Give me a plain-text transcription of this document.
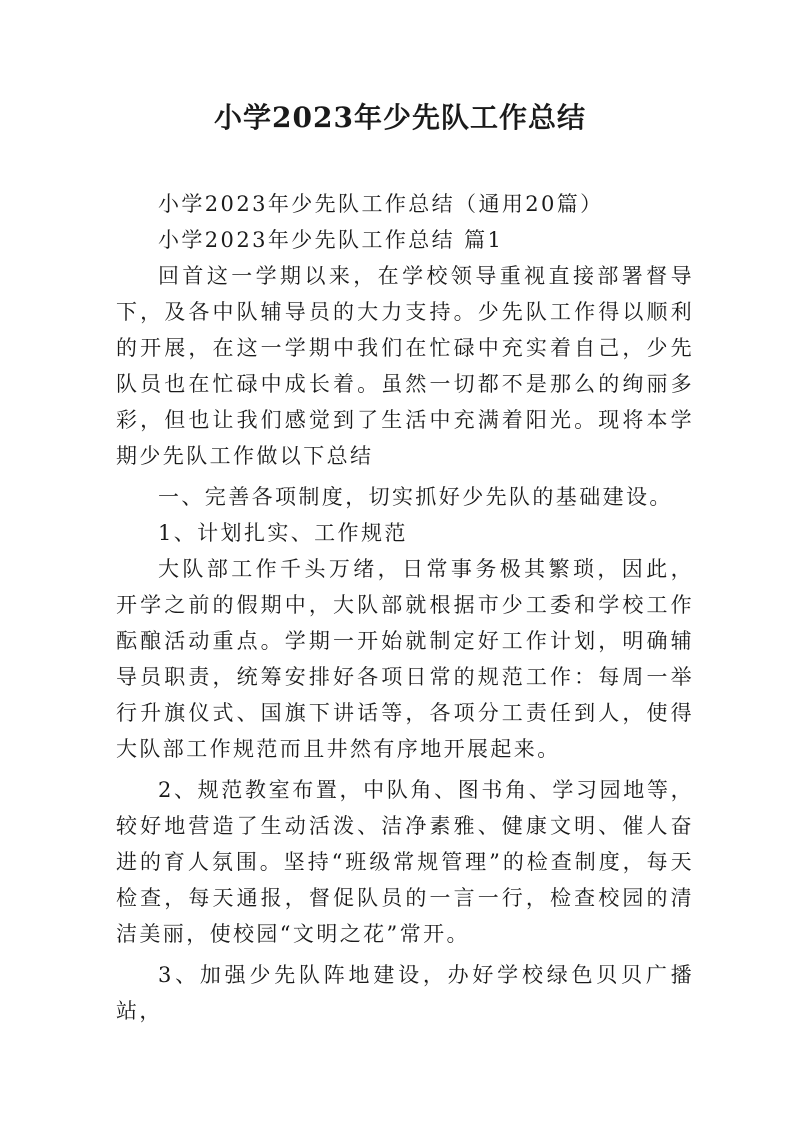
小学2023年少先队工作总结

小学2023年少先队工作总结（通用20篇）

小学2023年少先队工作总结 篇1

回首这一学期以来，在学校领导重视直接部署督导下，及各中队辅导员的大力支持。少先队工作得以顺利的开展，在这一学期中我们在忙碌中充实着自己，少先队员也在忙碌中成长着。虽然一切都不是那么的绚丽多彩，但也让我们感觉到了生活中充满着阳光。现将本学期少先队工作做以下总结

一、完善各项制度，切实抓好少先队的基础建设。

1、计划扎实、工作规范

大队部工作千头万绪，日常事务极其繁琐，因此，开学之前的假期中，大队部就根据市少工委和学校工作酝酿活动重点。学期一开始就制定好工作计划，明确辅导员职责，统筹安排好各项日常的规范工作：每周一举行升旗仪式、国旗下讲话等，各项分工责任到人，使得大队部工作规范而且井然有序地开展起来。

2、规范教室布置，中队角、图书角、学习园地等，较好地营造了生动活泼、洁净素雅、健康文明、催人奋进的育人氛围。坚持“班级常规管理”的检查制度，每天检查，每天通报，督促队员的一言一行，检查校园的清洁美丽，使校园“文明之花”常开。

3、加强少先队阵地建设，办好学校绿色贝贝广播站，
